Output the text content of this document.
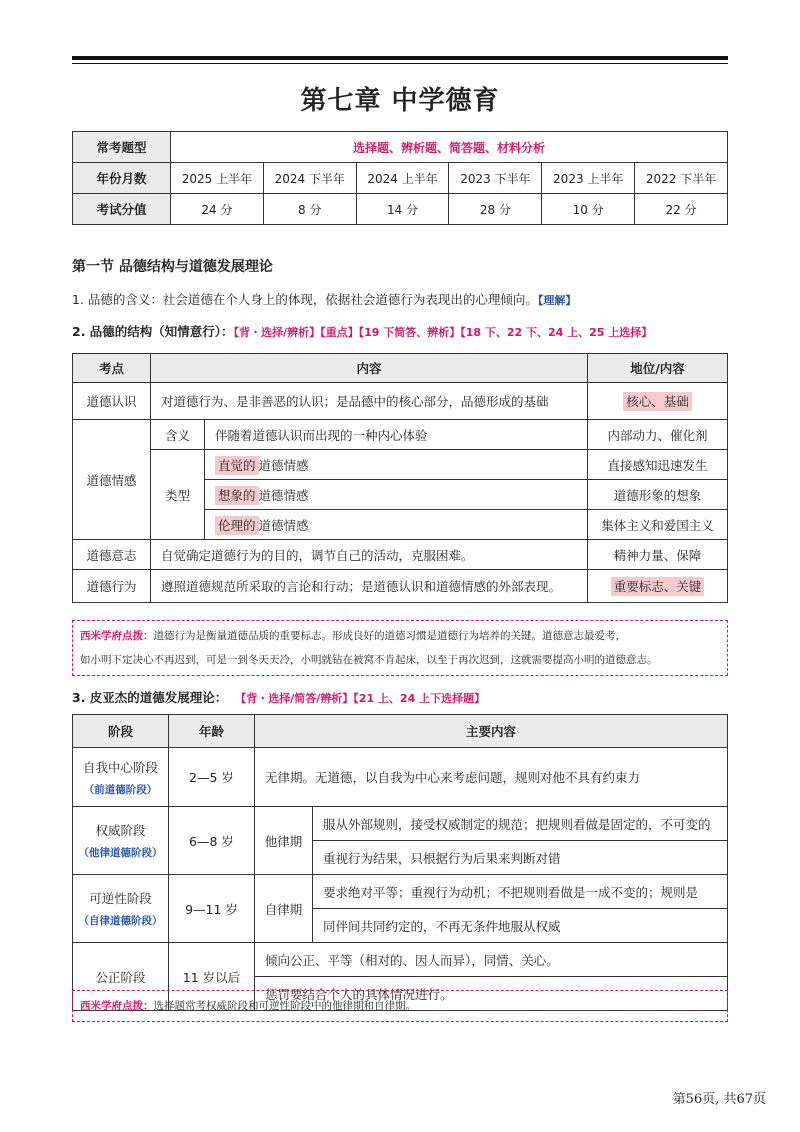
第七章 中学德育
常考题型	选择题、辨析题、简答题、材料分析					
年份月数	2025 上半年	2024 下半年	2024 上半年	2023 下半年	2023 上半年	2022 下半年
考试分值	24 分	8 分	14 分	28 分	10 分	22 分
第一节 品德结构与道德发展理论
1. 品德的含义：社会道德在个人身上的体现，依据社会道德行为表现出的心理倾向。【理解】
2. 品德的结构（知情意行）：【背・选择/辨析】【重点】【19 下简答、辨析】【18 下、22 下、24 上、25 上选择】
考点	内容		地位/内容
道德认识	对道德行为、是非善恶的认识；是品德中的核心部分，品德形成的基础		核心、基础
道德情感	含义	伴随着道德认识而出现的一种内心体验	内部动力、催化剂
	类型	直觉的 道德情感	直接感知迅速发生
		想象的 道德情感	道德形象的想象
		伦理的 道德情感	集体主义和爱国主义
道德意志	自觉确定道德行为的目的，调节自己的活动，克服困难。		精神力量、保障
道德行为	遵照道德规范所采取的言论和行动；是道德认识和道德情感的外部表现。		重要标志、关键
西米学府点拨：道德行为是衡量道德品质的重要标志。形成良好的道德习惯是道德行为培养的关键。道德意志最爱考，
如小明下定决心不再迟到，可是一到冬天天冷，小明就钻在被窝不肯起床，以至于再次迟到，这就需要提高小明的道德意志。
3. 皮亚杰的道德发展理论： 【背・选择/简答/辨析】【21 上、24 上下选择题】
阶段	年龄	主要内容	
自我中心阶段
（前道德阶段）	2—5 岁	无律期。无道德，以自我为中心来考虑问题，规则对他不具有约束力	
权威阶段
（他律道德阶段）	6—8 岁	他律期	服从外部规则，接受权威制定的规范；把规则看做是固定的，不可变的
			重视行为结果，只根据行为后果来判断对错
可逆性阶段
（自律道德阶段）	9—11 岁	自律期	要求绝对平等；重视行为动机；不把规则看做是一成不变的；规则是
			同伴间共同约定的，不再无条件地服从权威
公正阶段	11 岁以后	倾向公正、平等（相对的、因人而异），同情、关心。	
		惩罚要结合个人的具体情况进行。	
西米学府点拨：选择题常考权威阶段和可逆性阶段中的他律期和自律期。
第56页, 共67页
